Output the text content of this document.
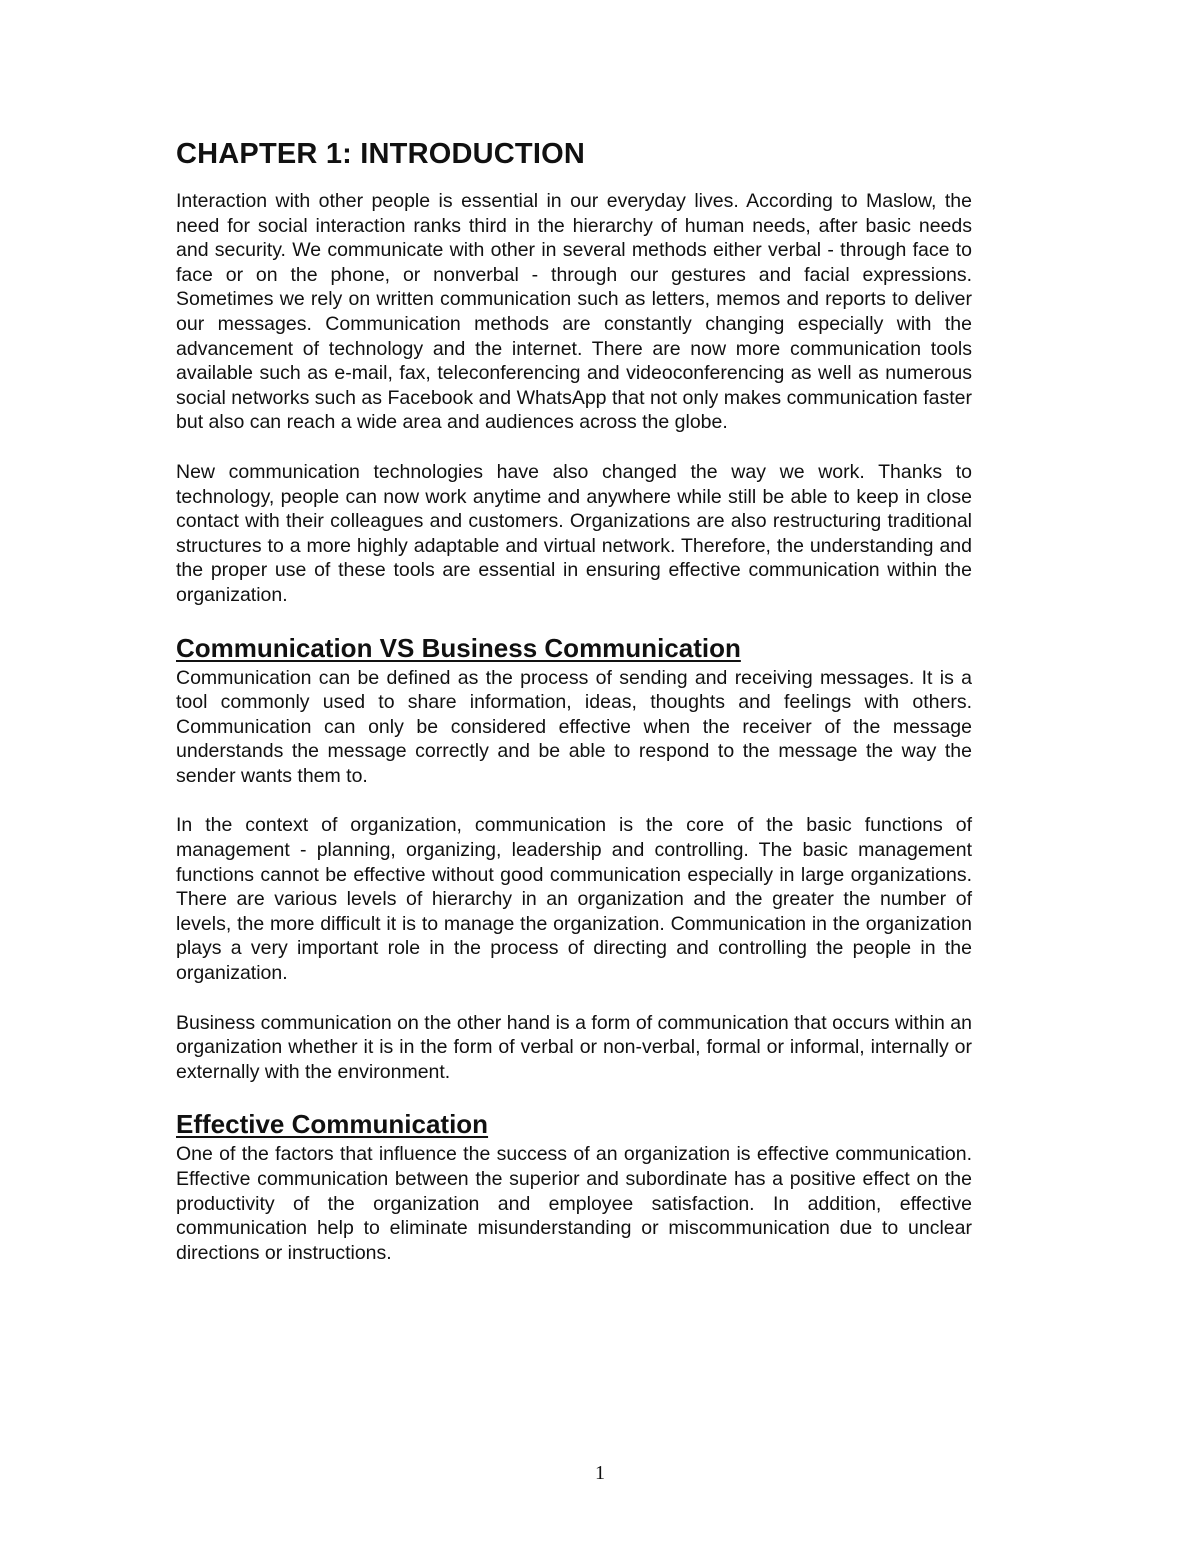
CHAPTER 1: INTRODUCTION

Interaction with other people is essential in our everyday lives. According to Maslow, the need for social interaction ranks third in the hierarchy of human needs, after basic needs and security. We communicate with other in several methods either verbal - through face to face or on the phone, or nonverbal - through our gestures and facial expressions. Sometimes we rely on written communication such as letters, memos and reports to deliver our messages. Communication methods are constantly changing especially with the advancement of technology and the internet. There are now more communication tools available such as e-mail, fax, teleconferencing and videoconferencing as well as numerous social networks such as Facebook and WhatsApp that not only makes communication faster but also can reach a wide area and audiences across the globe.

New communication technologies have also changed the way we work. Thanks to technology, people can now work anytime and anywhere while still be able to keep in close contact with their colleagues and customers. Organizations are also restructuring traditional structures to a more highly adaptable and virtual network. Therefore, the understanding and the proper use of these tools are essential in ensuring effective communication within the organization.

Communication VS Business Communication

Communication can be defined as the process of sending and receiving messages. It is a tool commonly used to share information, ideas, thoughts and feelings with others. Communication can only be considered effective when the receiver of the message understands the message correctly and be able to respond to the message the way the sender wants them to.

In the context of organization, communication is the core of the basic functions of management - planning, organizing, leadership and controlling. The basic management functions cannot be effective without good communication especially in large organizations. There are various levels of hierarchy in an organization and the greater the number of levels, the more difficult it is to manage the organization. Communication in the organization plays a very important role in the process of directing and controlling the people in the organization.

Business communication on the other hand is a form of communication that occurs within an organization whether it is in the form of verbal or non-verbal, formal or informal, internally or externally with the environment.

Effective Communication

One of the factors that influence the success of an organization is effective communication. Effective communication between the superior and subordinate has a positive effect on the productivity of the organization and employee satisfaction. In addition, effective communication help to eliminate misunderstanding or miscommunication due to unclear directions or instructions.

1
